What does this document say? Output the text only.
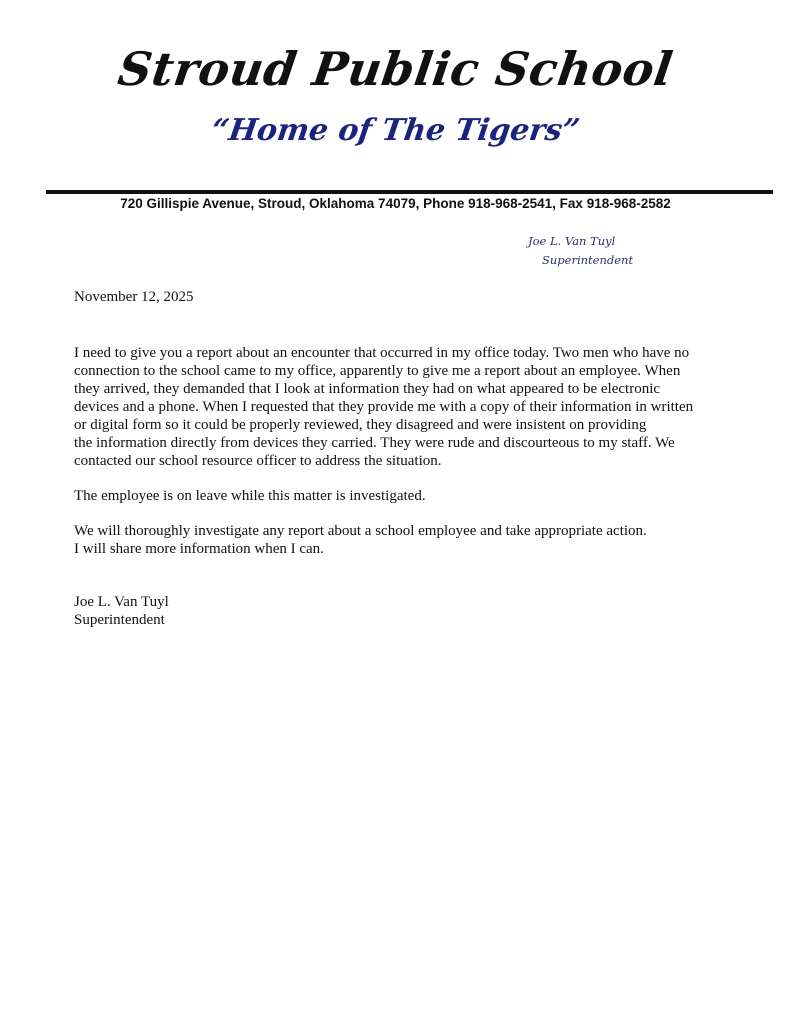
Stroud Public School
“Home of The Tigers”
720 Gillispie Avenue, Stroud, Oklahoma 74079, Phone 918-968-2541, Fax 918-968-2582
Joe L. Van Tuyl
Superintendent
November 12, 2025

I need to give you a report about an encounter that occurred in my office today. Two men who have no
connection to the school came to my office, apparently to give me a report about an employee. When
they arrived, they demanded that I look at information they had on what appeared to be electronic
devices and a phone. When I requested that they provide me with a copy of their information in written
or digital form so it could be properly reviewed, they disagreed and were insistent on providing
the information directly from devices they carried. They were rude and discourteous to my staff. We
contacted our school resource officer to address the situation.

The employee is on leave while this matter is investigated.

We will thoroughly investigate any report about a school employee and take appropriate action.
I will share more information when I can.

Joe L. Van Tuyl
Superintendent
